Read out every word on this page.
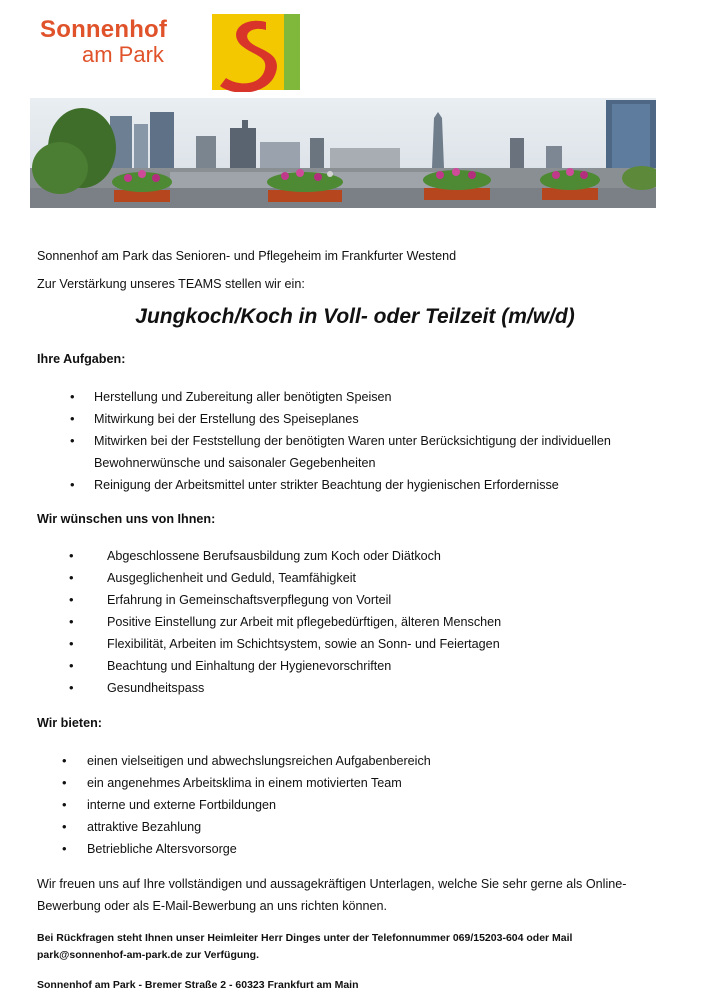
Sonnenhof
am Park
Sonnenhof am Park das Senioren- und Pflegeheim im Frankfurter Westend
Zur Verstärkung unseres TEAMS stellen wir ein:
Jungkoch/Koch in Voll- oder Teilzeit (m/w/d)
Ihre Aufgaben:
• Herstellung und Zubereitung aller benötigten Speisen
• Mitwirkung bei der Erstellung des Speiseplanes
• Mitwirken bei der Feststellung der benötigten Waren unter Berücksichtigung der individuellen Bewohnerwünsche und saisonaler Gegebenheiten
• Reinigung der Arbeitsmittel unter strikter Beachtung der hygienischen Erfordernisse
Wir wünschen uns von Ihnen:
• Abgeschlossene Berufsausbildung zum Koch oder Diätkoch
• Ausgeglichenheit und Geduld, Teamfähigkeit
• Erfahrung in Gemeinschaftsverpflegung von Vorteil
• Positive Einstellung zur Arbeit mit pflegebedürftigen, älteren Menschen
• Flexibilität, Arbeiten im Schichtsystem, sowie an Sonn- und Feiertagen
• Beachtung und Einhaltung der Hygienevorschriften
• Gesundheitspass
Wir bieten:
• einen vielseitigen und abwechslungsreichen Aufgabenbereich
• ein angenehmes Arbeitsklima in einem motivierten Team
• interne und externe Fortbildungen
• attraktive Bezahlung
• Betriebliche Altersvorsorge
Wir freuen uns auf Ihre vollständigen und aussagekräftigen Unterlagen, welche Sie sehr gerne als Online-Bewerbung oder als E-Mail-Bewerbung an uns richten können.
Bei Rückfragen steht Ihnen unser Heimleiter Herr Dinges unter der Telefonnummer 069/15203-604 oder Mail park@sonnenhof-am-park.de zur Verfügung.
Sonnenhof am Park - Bremer Straße 2 - 60323 Frankfurt am Main
